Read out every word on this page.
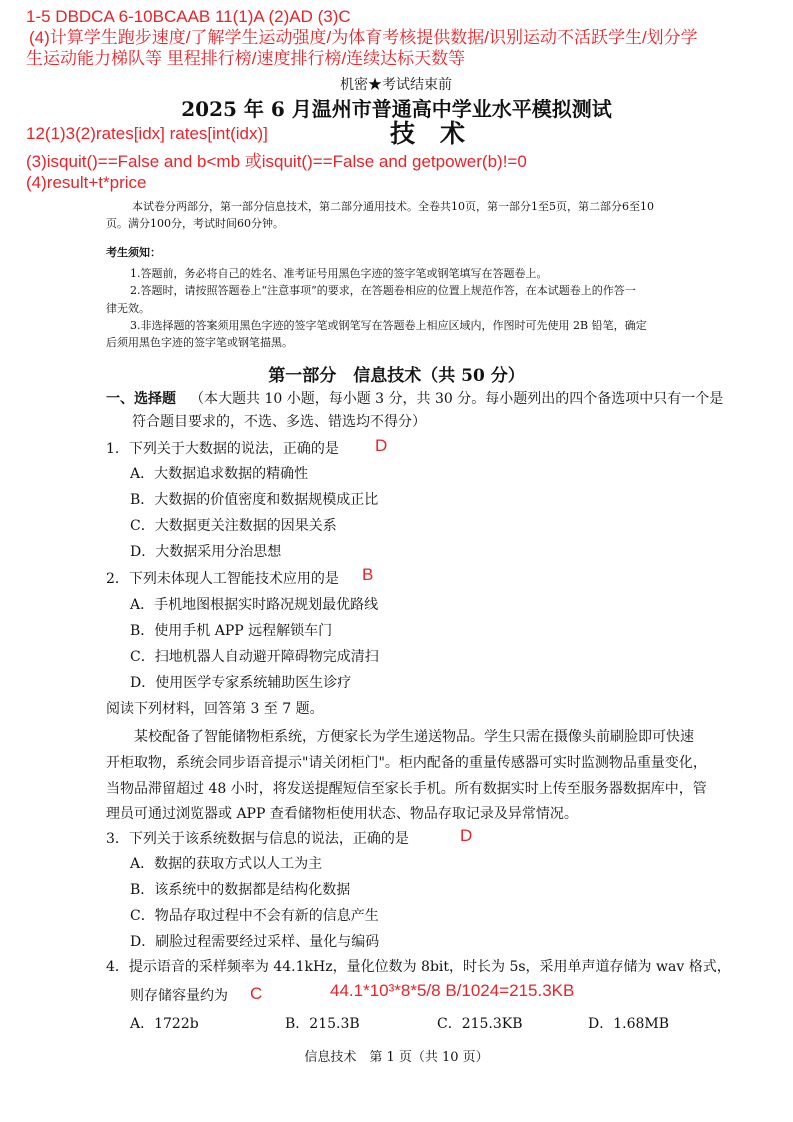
1-5 DBDCA 6-10BCAAB 11(1)A (2)AD (3)C
(4)计算学生跑步速度/了解学生运动强度/为体育考核提供数据/识别运动不活跃学生/划分学
生运动能力梯队等 里程排行榜/速度排行榜/连续达标天数等
机密★考试结束前
2025 年 6 月温州市普通高中学业水平模拟测试
12(1)3(2)rates[idx] rates[int(idx)]	技　术
(3)isquit()==False and b<mb 或isquit()==False and getpower(b)!=0
(4)result+t*price
本试卷分两部分，第一部分信息技术，第二部分通用技术。全卷共10页，第一部分1至5页，第二部分6至10
页。满分100分，考试时间60分钟。
考生须知：
1.答题前，务必将自己的姓名、准考证号用黑色字迹的签字笔或钢笔填写在答题卷上。
2.答题时，请按照答题卷上“注意事项”的要求，在答题卷相应的位置上规范作答，在本试题卷上的作答一
律无效。
3.非选择题的答案须用黑色字迹的签字笔或钢笔写在答题卷上相应区域内，作图时可先使用 2B 铅笔，确定
后须用黑色字迹的签字笔或钢笔描黑。
第一部分　信息技术（共 50 分）
一、选择题 （本大题共 10 小题，每小题 3 分，共 30 分。每小题列出的四个备选项中只有一个是
符合题目要求的，不选、多选、错选均不得分）
1．下列关于大数据的说法，正确的是 D
A．大数据追求数据的精确性
B．大数据的价值密度和数据规模成正比
C．大数据更关注数据的因果关系
D．大数据采用分治思想
2．下列未体现人工智能技术应用的是 B
A．手机地图根据实时路况规划最优路线
B．使用手机 APP 远程解锁车门
C．扫地机器人自动避开障碍物完成清扫
D．使用医学专家系统辅助医生诊疗
阅读下列材料，回答第 3 至 7 题。
某校配备了智能储物柜系统，方便家长为学生递送物品。学生只需在摄像头前刷脸即可快速
开柜取物，系统会同步语音提示"请关闭柜门"。柜内配备的重量传感器可实时监测物品重量变化，
当物品滞留超过 48 小时，将发送提醒短信至家长手机。所有数据实时上传至服务器数据库中，管
理员可通过浏览器或 APP 查看储物柜使用状态、物品存取记录及异常情况。
3．下列关于该系统数据与信息的说法，正确的是	D
A．数据的获取方式以人工为主
B．该系统中的数据都是结构化数据
C．物品存取过程中不会有新的信息产生
D．刷脸过程需要经过采样、量化与编码
4．提示语音的采样频率为 44.1kHz，量化位数为 8bit，时长为 5s，采用单声道存储为 wav 格式，
则存储容量约为 C	44.1*10³*8*5/8 B/1024=215.3KB
A．1722b	B．215.3B	C．215.3KB	D．1.68MB
信息技术　第 1 页（共 10 页）
